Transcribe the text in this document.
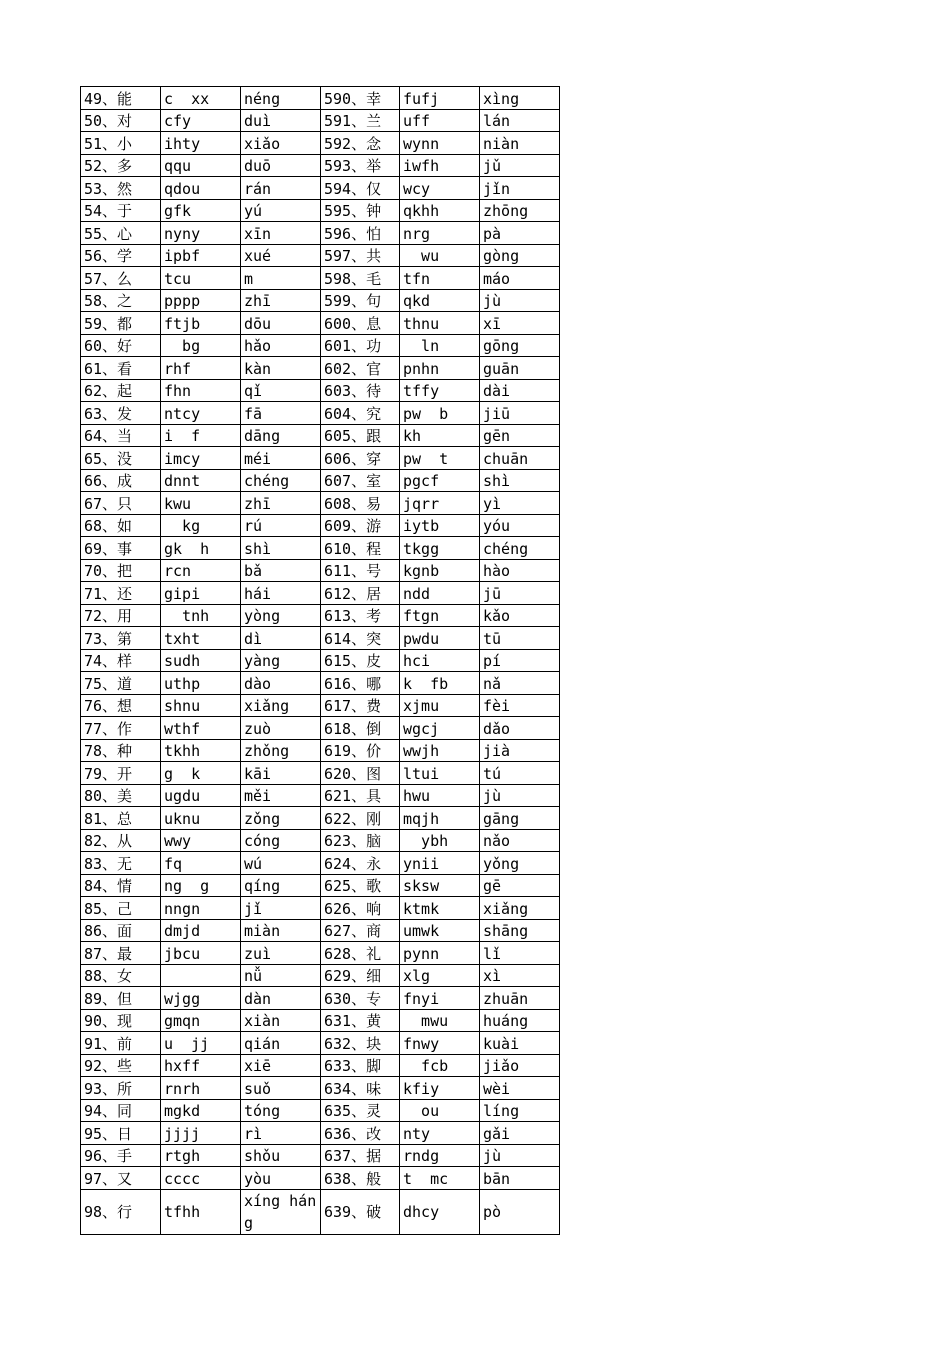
49、能	c  xx	néng	590、幸	fufj	xìng
50、对	cfy	duì	591、兰	uff	lán
51、小	ihty	xiǎo	592、念	wynn	niàn
52、多	qqu	duō	593、举	iwfh	jǔ
53、然	qdou	rán	594、仅	wcy	jǐn
54、于	gfk	yú	595、钟	qkhh	zhōng
55、心	nyny	xīn	596、怕	nrg	pà
56、学	ipbf	xué	597、共	wu	gòng
57、么	tcu	m	598、毛	tfn	máo
58、之	pppp	zhī	599、句	qkd	jù
59、都	ftjb	dōu	600、息	thnu	xī
60、好	bg	hǎo	601、功	ln	gōng
61、看	rhf	kàn	602、官	pnhn	guān
62、起	fhn	qǐ	603、待	tffy	dài
63、发	ntcy	fā	604、究	pw  b	jiū
64、当	i  f	dāng	605、跟	kh	gēn
65、没	imcy	méi	606、穿	pw  t	chuān
66、成	dnnt	chéng	607、室	pgcf	shì
67、只	kwu	zhī	608、易	jqrr	yì
68、如	kg	rú	609、游	iytb	yóu
69、事	gk  h	shì	610、程	tkgg	chéng
70、把	rcn	bǎ	611、号	kgnb	hào
71、还	gipi	hái	612、居	ndd	jū
72、用	tnh	yòng	613、考	ftgn	kǎo
73、第	txht	dì	614、突	pwdu	tū
74、样	sudh	yàng	615、皮	hci	pí
75、道	uthp	dào	616、哪	k  fb	nǎ
76、想	shnu	xiǎng	617、费	xjmu	fèi
77、作	wthf	zuò	618、倒	wgcj	dǎo
78、种	tkhh	zhǒng	619、价	wwjh	jià
79、开	g  k	kāi	620、图	ltui	tú
80、美	ugdu	měi	621、具	hwu	jù
81、总	uknu	zǒng	622、刚	mqjh	gāng
82、从	wwy	cóng	623、脑	ybh	nǎo
83、无	fq	wú	624、永	ynii	yǒng
84、情	ng  g	qíng	625、歌	sksw	gē
85、己	nngn	jǐ	626、响	ktmk	xiǎng
86、面	dmjd	miàn	627、商	umwk	shāng
87、最	jbcu	zuì	628、礼	pynn	lǐ
88、女		nǚ	629、细	xlg	xì
89、但	wjgg	dàn	630、专	fnyi	zhuān
90、现	gmqn	xiàn	631、黄	mwu	huáng
91、前	u  jj	qián	632、块	fnwy	kuài
92、些	hxff	xiē	633、脚	fcb	jiǎo
93、所	rnrh	suǒ	634、味	kfiy	wèi
94、同	mgkd	tóng	635、灵	ou	líng
95、日	jjjj	rì	636、改	nty	gǎi
96、手	rtgh	shǒu	637、据	rndg	jù
97、又	cccc	yòu	638、般	t  mc	bān
98、行	tfhh	xíng háng	639、破	dhcy	pò
